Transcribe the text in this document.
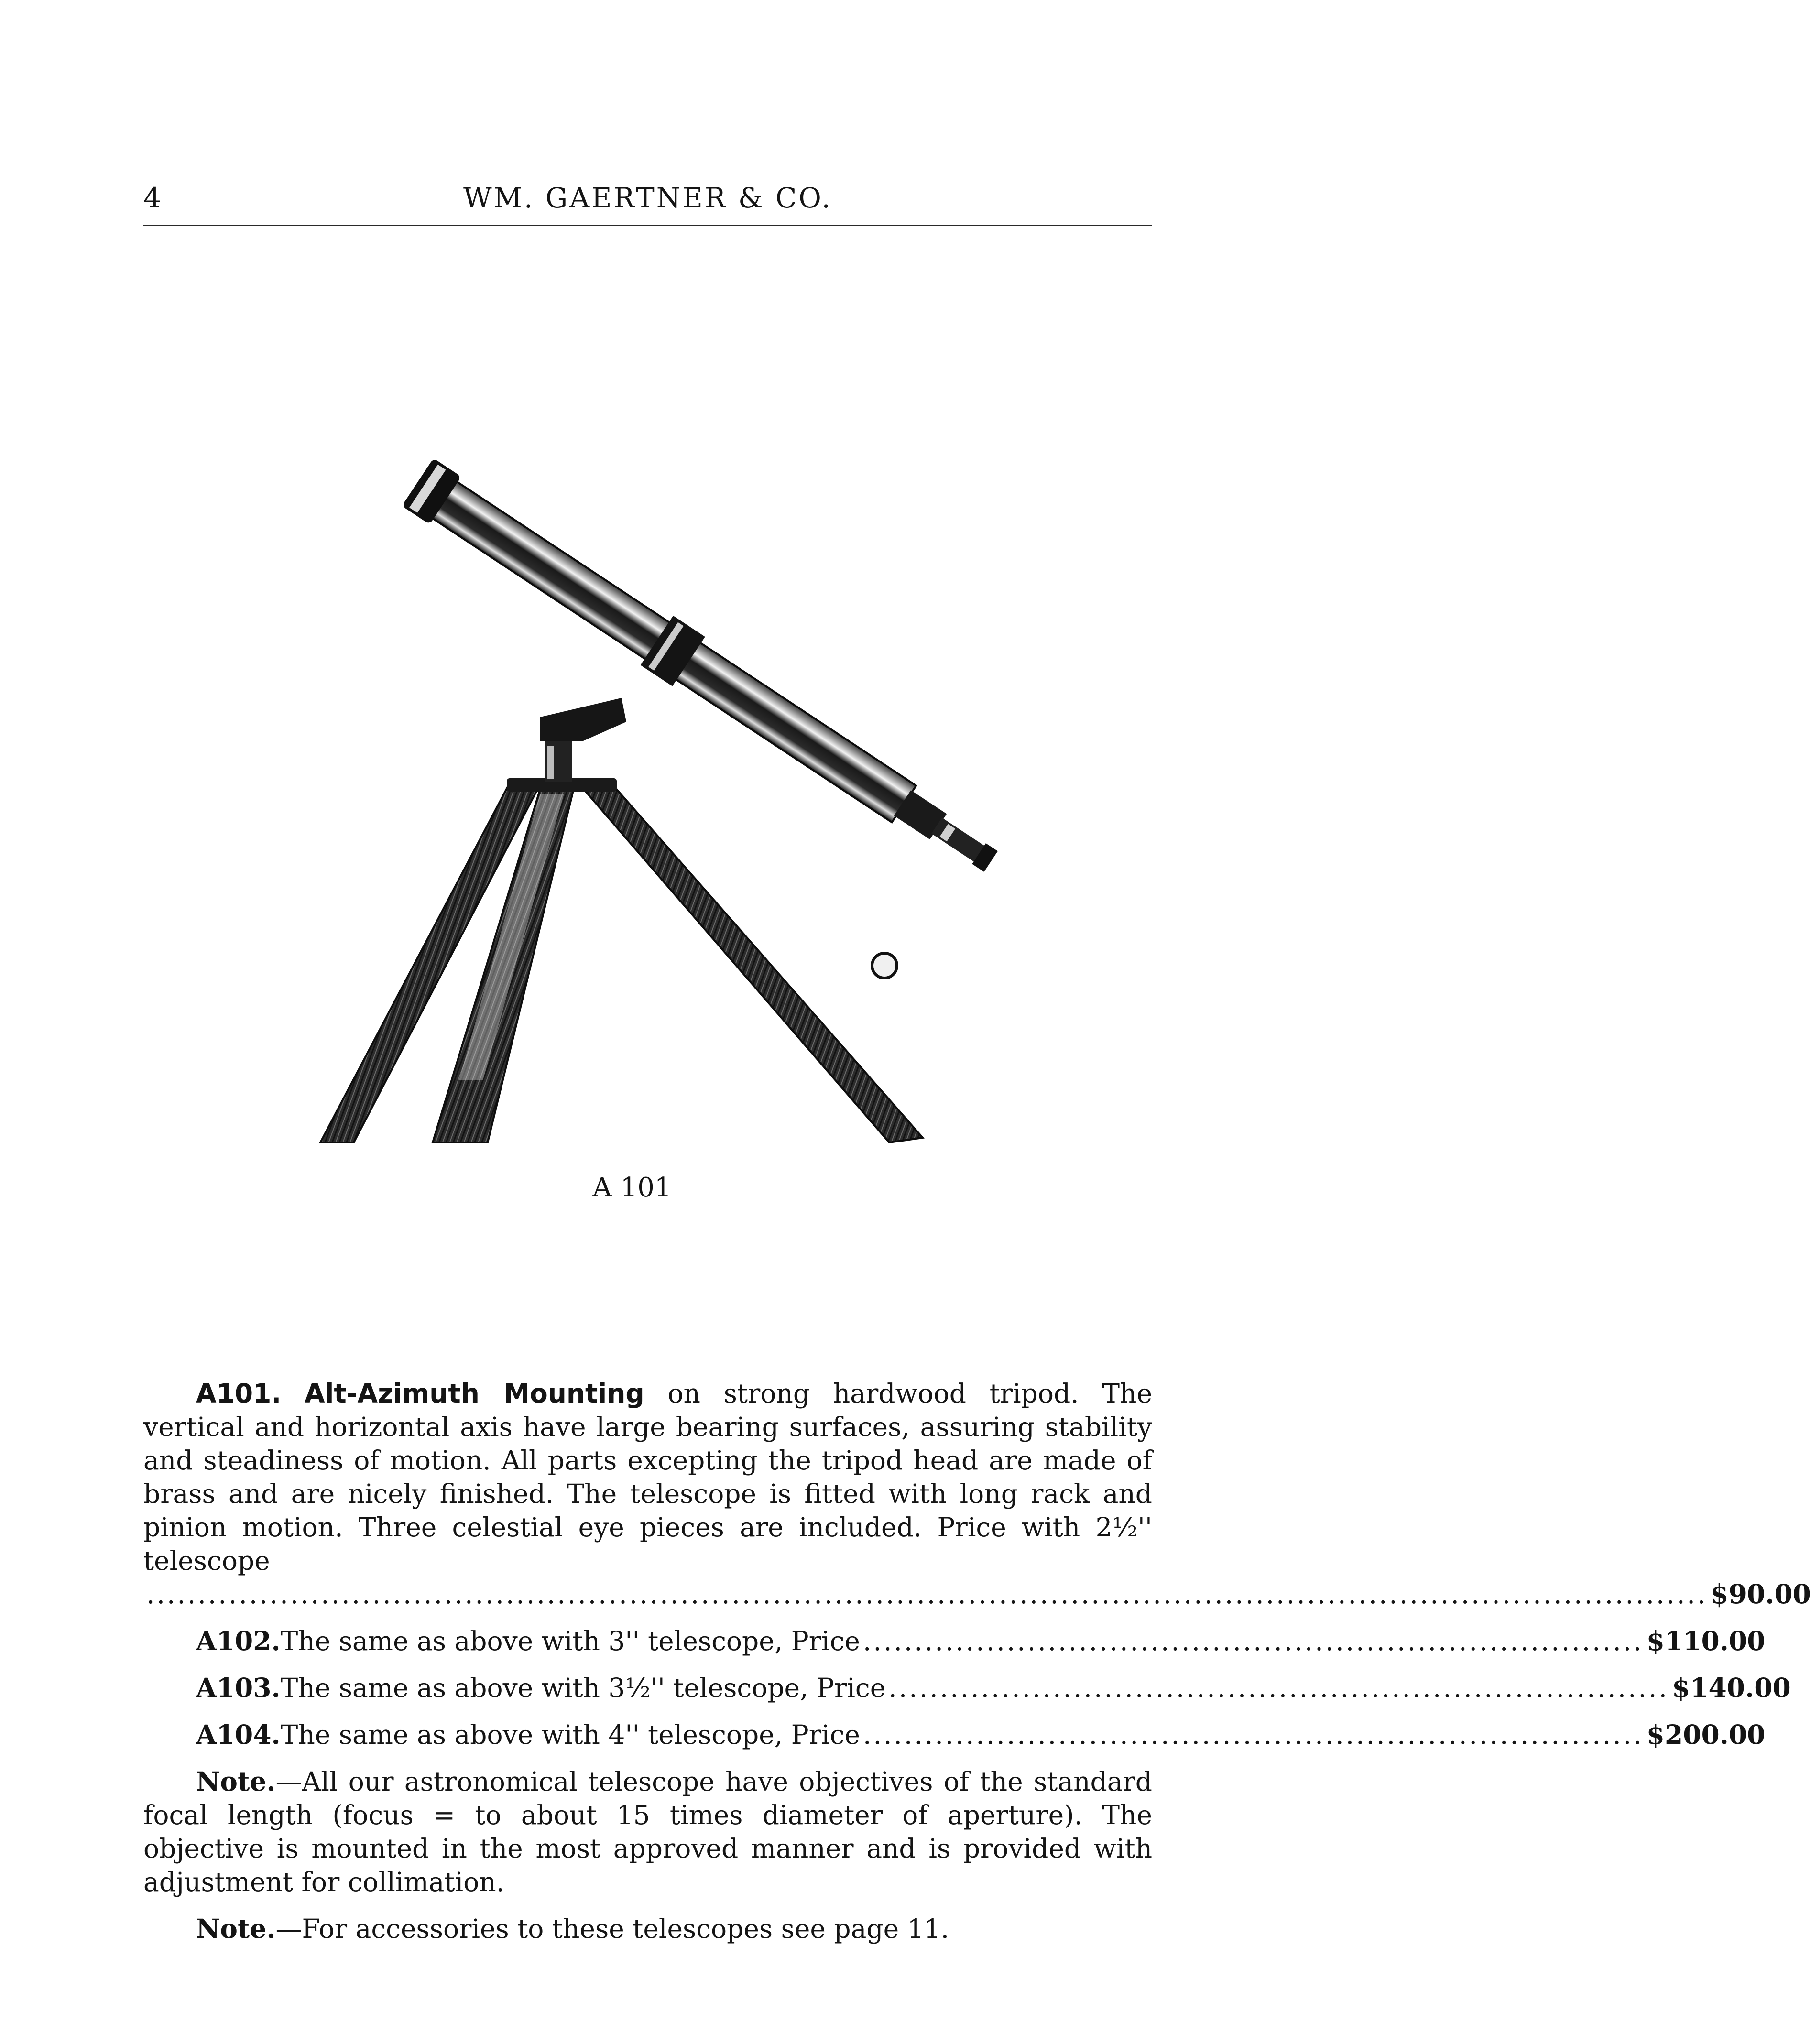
4	WM. GAERTNER & CO.
A 101

A101. Alt-Azimuth Mounting on strong hardwood tripod. The vertical and horizontal axis have large bearing surfaces, assuring stability and steadiness of motion. All parts excepting the tripod head are made of brass and are nicely finished. The telescope is fitted with long rack and pinion motion. Three celestial eye pieces are included. Price with 2½'' telescope

........................................................................................................................................................ $90.00
A102. The same as above with 3'' telescope, Price ............................................................................ $110.00
A103. The same as above with 3½'' telescope, Price ............................................................................ $140.00
A104. The same as above with 4'' telescope, Price ............................................................................ $200.00

Note.—All our astronomical telescope have objectives of the standard focal length (focus = to about 15 times diameter of aperture). The objective is mounted in the most approved manner and is provided with adjustment for collimation.

Note.—For accessories to these telescopes see page 11.
